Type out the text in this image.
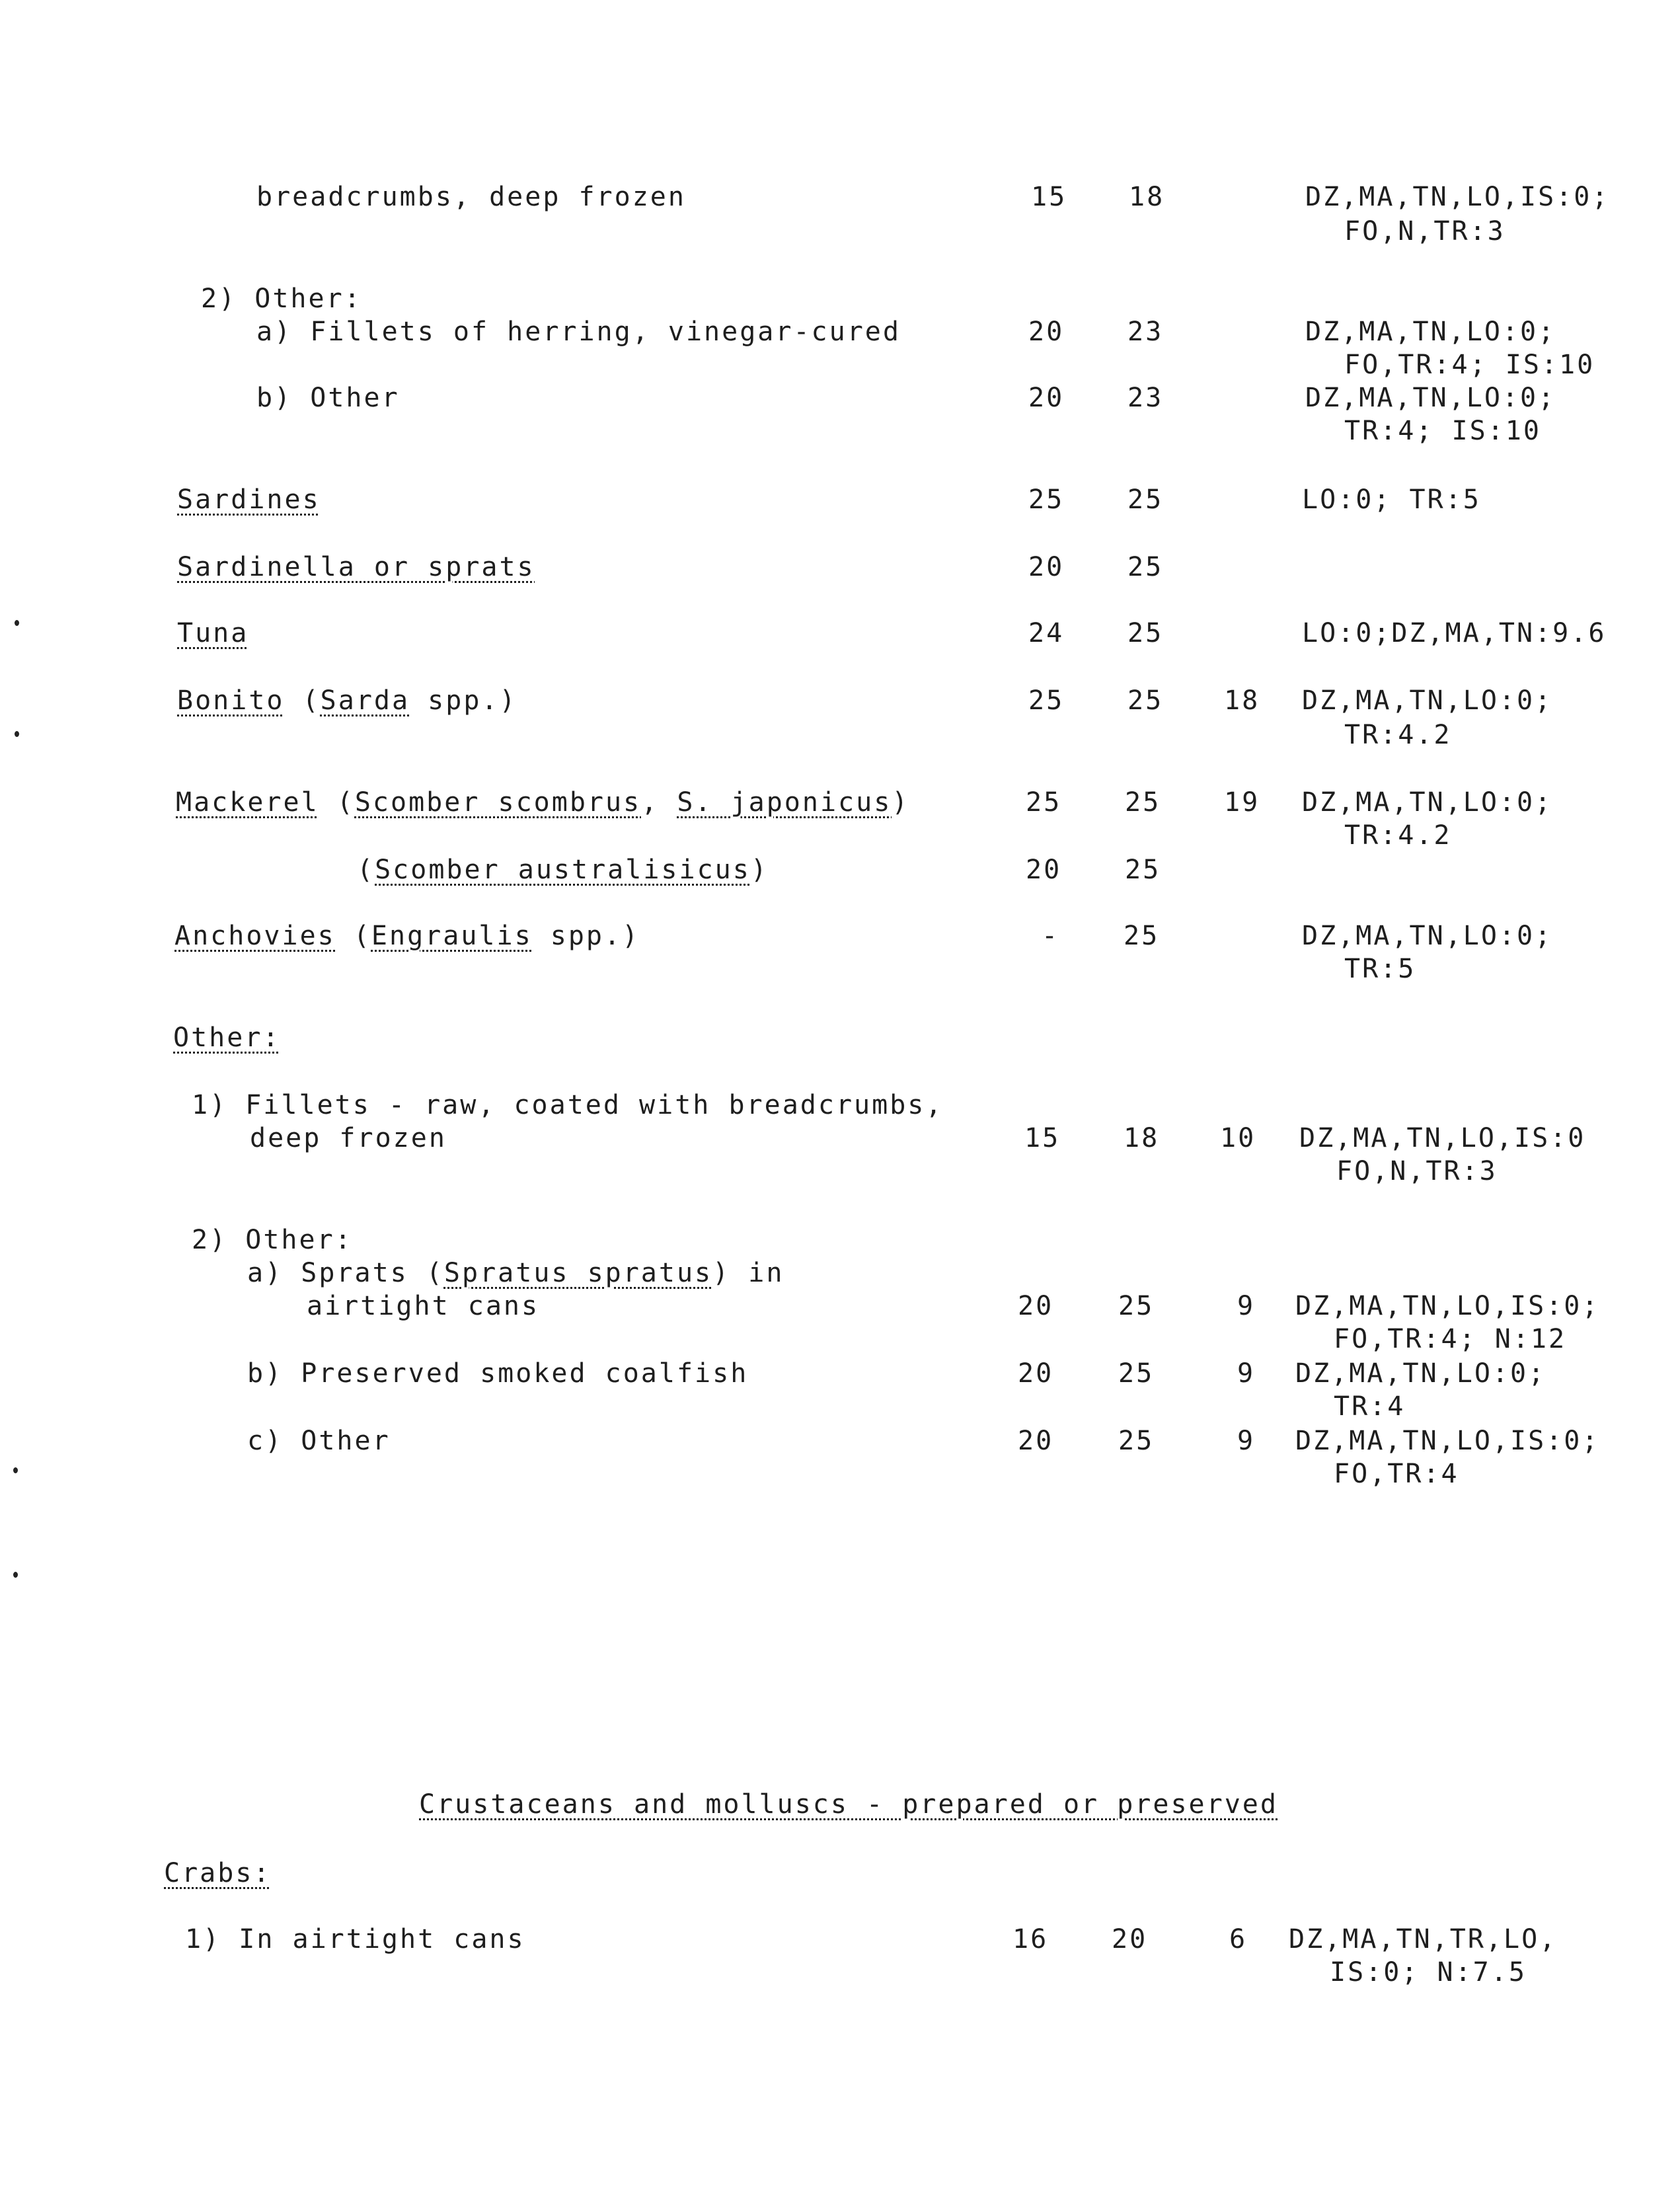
breadcrumbs, deep frozen	15 18	DZ,MA,TN,LO,IS:0;
FO,N,TR:3
2) Other:
a) Fillets of herring, vinegar-cured	20 23	DZ,MA,TN,LO:0;
FO,TR:4; IS:10
b) Other	20 23	DZ,MA,TN,LO:0;
TR:4; IS:10
Sardines	25 25	LO:0; TR:5
Sardinella or sprats	20 25
Tuna	24 25	LO:0;DZ,MA,TN:9.6
Bonito (Sarda spp.)	25 25 18 DZ,MA,TN,LO:0;
TR:4.2
Mackerel (Scomber scombrus, S. japonicus)	25 25 19 DZ,MA,TN,LO:0;
TR:4.2
(Scomber australisicus)	20 25
Anchovies (Engraulis spp.)	- 25	DZ,MA,TN,LO:0;
TR:5
Other:
1) Fillets - raw, coated with breadcrumbs,
deep frozen	15 18 10 DZ,MA,TN,LO,IS:0
FO,N,TR:3
2) Other:
a) Sprats (Spratus spratus) in
airtight cans	20 25	9 DZ,MA,TN,LO,IS:0;
FO,TR:4; N:12
b) Preserved smoked coalfish	20 25	9 DZ,MA,TN,LO:0;
TR:4
c) Other	20 25	9 DZ,MA,TN,LO,IS:0;
FO,TR:4
Crustaceans and molluscs - prepared or preserved
Crabs:
1) In airtight cans	16 20	6 DZ,MA,TN,TR,LO,
IS:0; N:7.5
